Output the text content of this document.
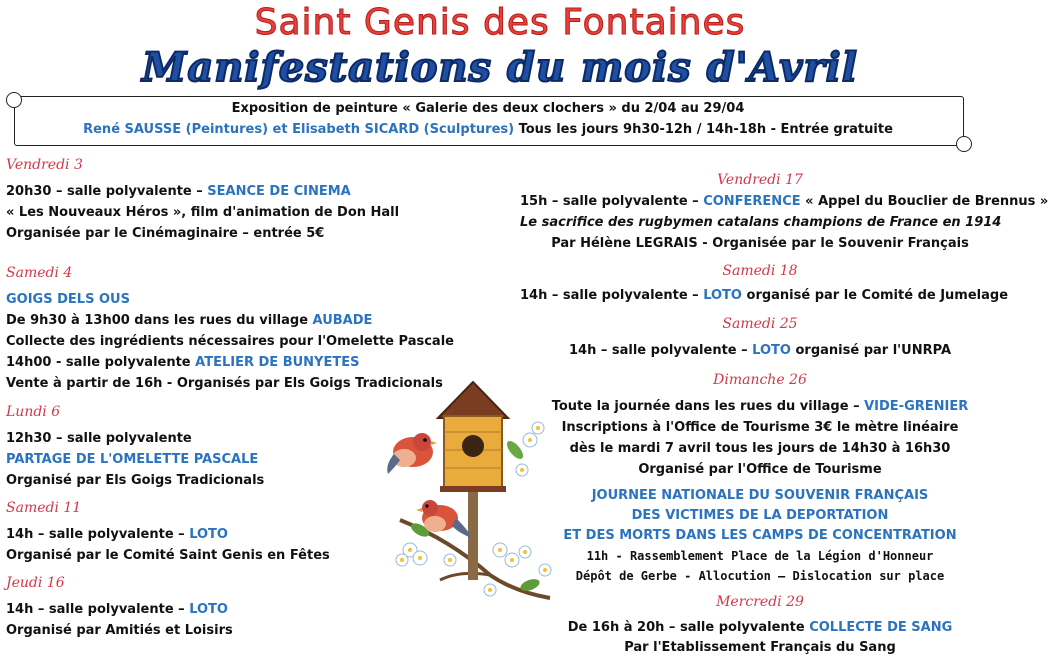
Saint Genis des Fontaines
Manifestations du mois d'Avril
Exposition de peinture « Galerie des deux clochers » du 2/04 au 29/04
René SAUSSE (Peintures) et Elisabeth SICARD (Sculptures) Tous les jours 9h30-12h / 14h-18h - Entrée gratuite
Vendredi 3
20h30 – salle polyvalente – SEANCE DE CINEMA
« Les Nouveaux Héros », film d'animation de Don Hall
Organisée par le Cinémaginaire – entrée 5€
Samedi 4
GOIGS DELS OUS
De 9h30 à 13h00 dans les rues du village AUBADE
Collecte des ingrédients nécessaires pour l'Omelette Pascale
14h00 - salle polyvalente ATELIER DE BUNYETES
Vente à partir de 16h - Organisés par Els Goigs Tradicionals
Lundi 6
12h30 – salle polyvalente
PARTAGE DE L'OMELETTE PASCALE
Organisé par Els Goigs Tradicionals
Samedi 11
14h – salle polyvalente – LOTO
Organisé par le Comité Saint Genis en Fêtes
Jeudi 16
14h – salle polyvalente – LOTO
Organisé par Amitiés et Loisirs
Vendredi 17
15h – salle polyvalente – CONFERENCE « Appel du Bouclier de Brennus »
Le sacrifice des rugbymen catalans champions de France en 1914
Par Hélène LEGRAIS - Organisée par le Souvenir Français
Samedi 18
14h – salle polyvalente – LOTO organisé par le Comité de Jumelage
Samedi 25
14h – salle polyvalente – LOTO organisé par l'UNRPA
Dimanche 26
Toute la journée dans les rues du village – VIDE-GRENIER
Inscriptions à l'Office de Tourisme 3€ le mètre linéaire
dès le mardi 7 avril tous les jours de 14h30 à 16h30
Organisé par l'Office de Tourisme
JOURNEE NATIONALE DU SOUVENIR FRANÇAIS
DES VICTIMES DE LA DEPORTATION
ET DES MORTS DANS LES CAMPS DE CONCENTRATION
11h - Rassemblement Place de la Légion d'Honneur
Dépôt de Gerbe - Allocution – Dislocation sur place
Mercredi 29
De 16h à 20h – salle polyvalente COLLECTE DE SANG
Par l'Etablissement Français du Sang
